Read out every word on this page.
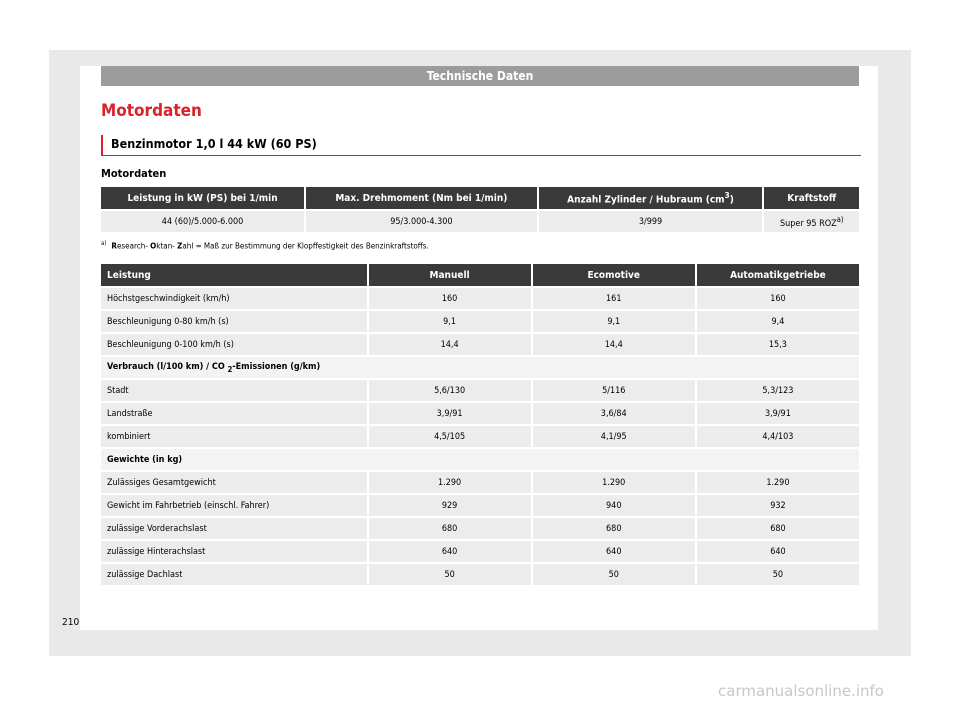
Technische Daten
Motordaten
Benzinmotor 1,0 l 44 kW (60 PS)
Motordaten
Leistung in kW (PS) bei 1/min	Max. Drehmoment (Nm bei 1/min)	Anzahl Zylinder / Hubraum $(cm^3)$	Kraftstoff
44 (60)/5.000-6.000	95/3.000-4.300	3/999	Super 95 ROZ$^{a)}$
$^{a)}$ Research- Oktan- Zahl = Maß zur Bestimmung der Klopffestigkeit des Benzinkraftstoffs.
Leistung	Manuell	Ecomotive	Automatikgetriebe
Höchstgeschwindigkeit (km/h)	160	161	160
Beschleunigung 0-80 km/h (s)	9,1	9,1	9,4
Beschleunigung 0-100 km/h (s)	14,4	14,4	15,3
Verbrauch (l/100 km) / CO $_2$-Emissionen (g/km)			
Stadt	5,6/130	5/116	5,3/123
Landstraße	3,9/91	3,6/84	3,9/91
kombiniert	4,5/105	4,1/95	4,4/103
Gewichte (in kg)			
Zulässiges Gesamtgewicht	1.290	1.290	1.290
Gewicht im Fahrbetrieb (einschl. Fahrer)	929	940	932
zulässige Vorderachslast	680	680	680
zulässige Hinterachslast	640	640	640
zulässige Dachlast	50	50	50
210
carmanualsonline.info
